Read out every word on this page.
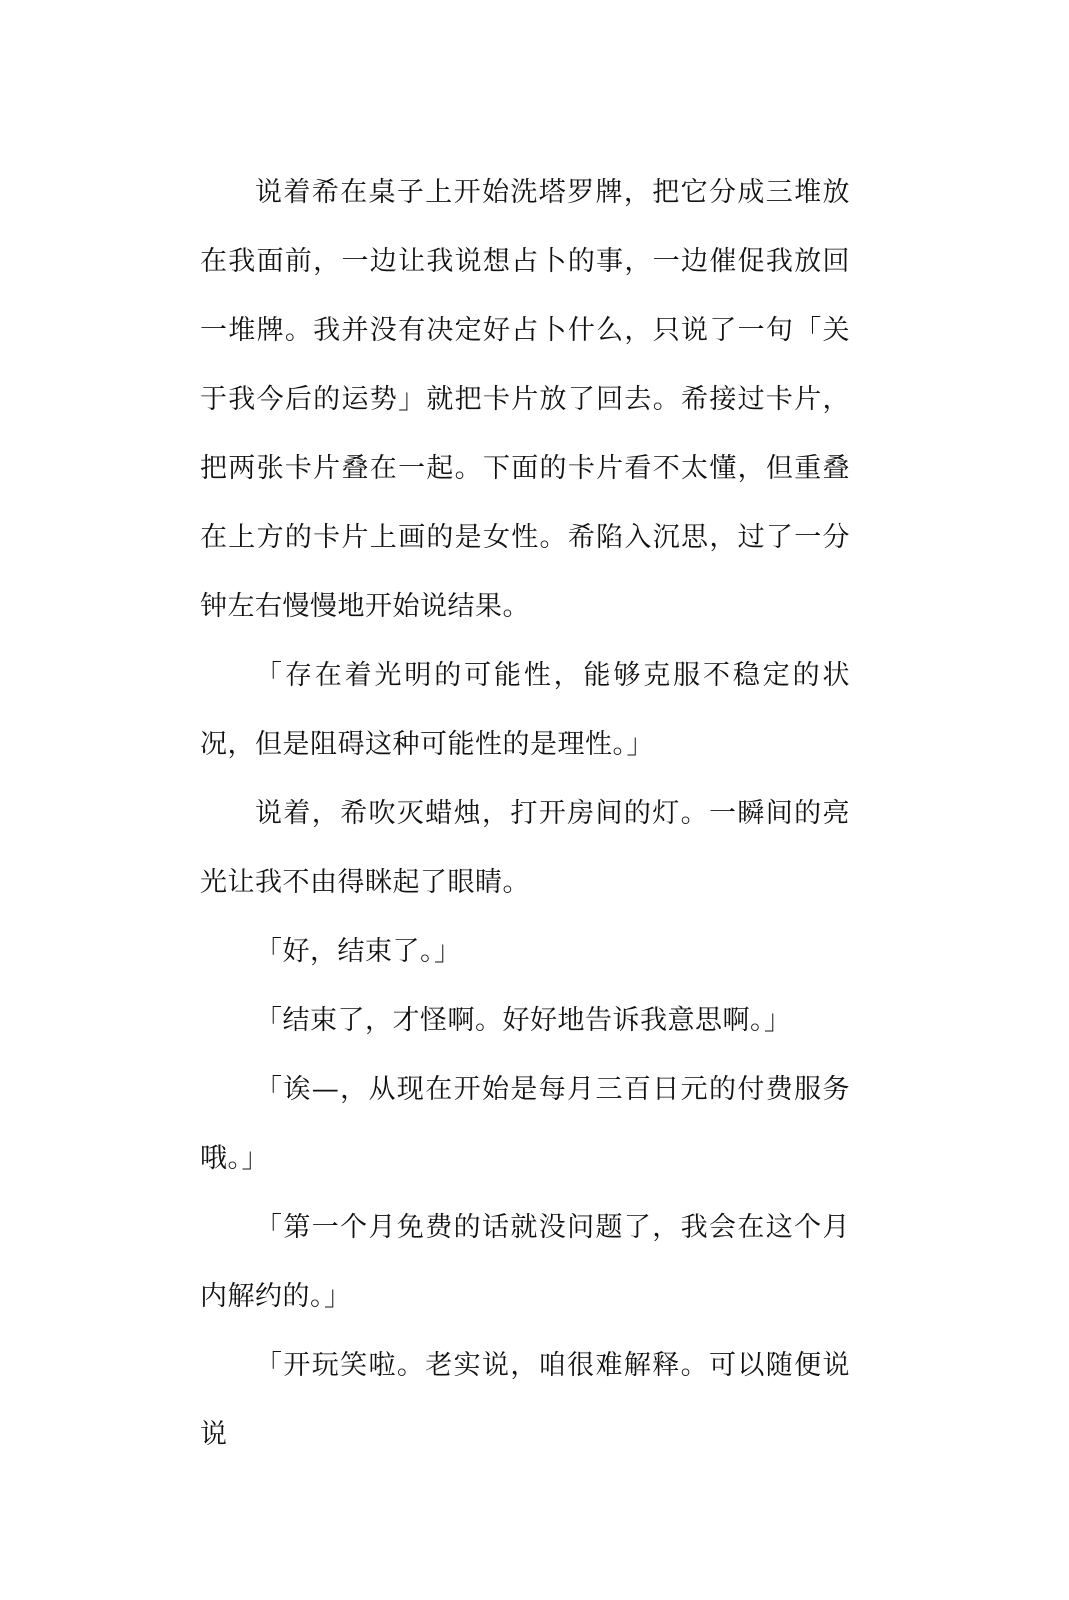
说着希在桌子上开始洗塔罗牌，把它分成三堆放在我面前，一边让我说想占卜的事，一边催促我放回一堆牌。我并没有决定好占卜什么，只说了一句「关于我今后的运势」就把卡片放了回去。希接过卡片，把两张卡片叠在一起。下面的卡片看不太懂，但重叠在上方的卡片上画的是女性。希陷入沉思，过了一分钟左右慢慢地开始说结果。

「存在着光明的可能性，能够克服不稳定的状况，但是阻碍这种可能性的是理性。」

说着，希吹灭蜡烛，打开房间的灯。一瞬间的亮光让我不由得眯起了眼睛。

「好，结束了。」

「结束了，才怪啊。好好地告诉我意思啊。」

「诶—，从现在开始是每月三百日元的付费服务哦。」

「第一个月免费的话就没问题了，我会在这个月内解约的。」

「开玩笑啦。老实说，咱很难解释。可以随便说说
